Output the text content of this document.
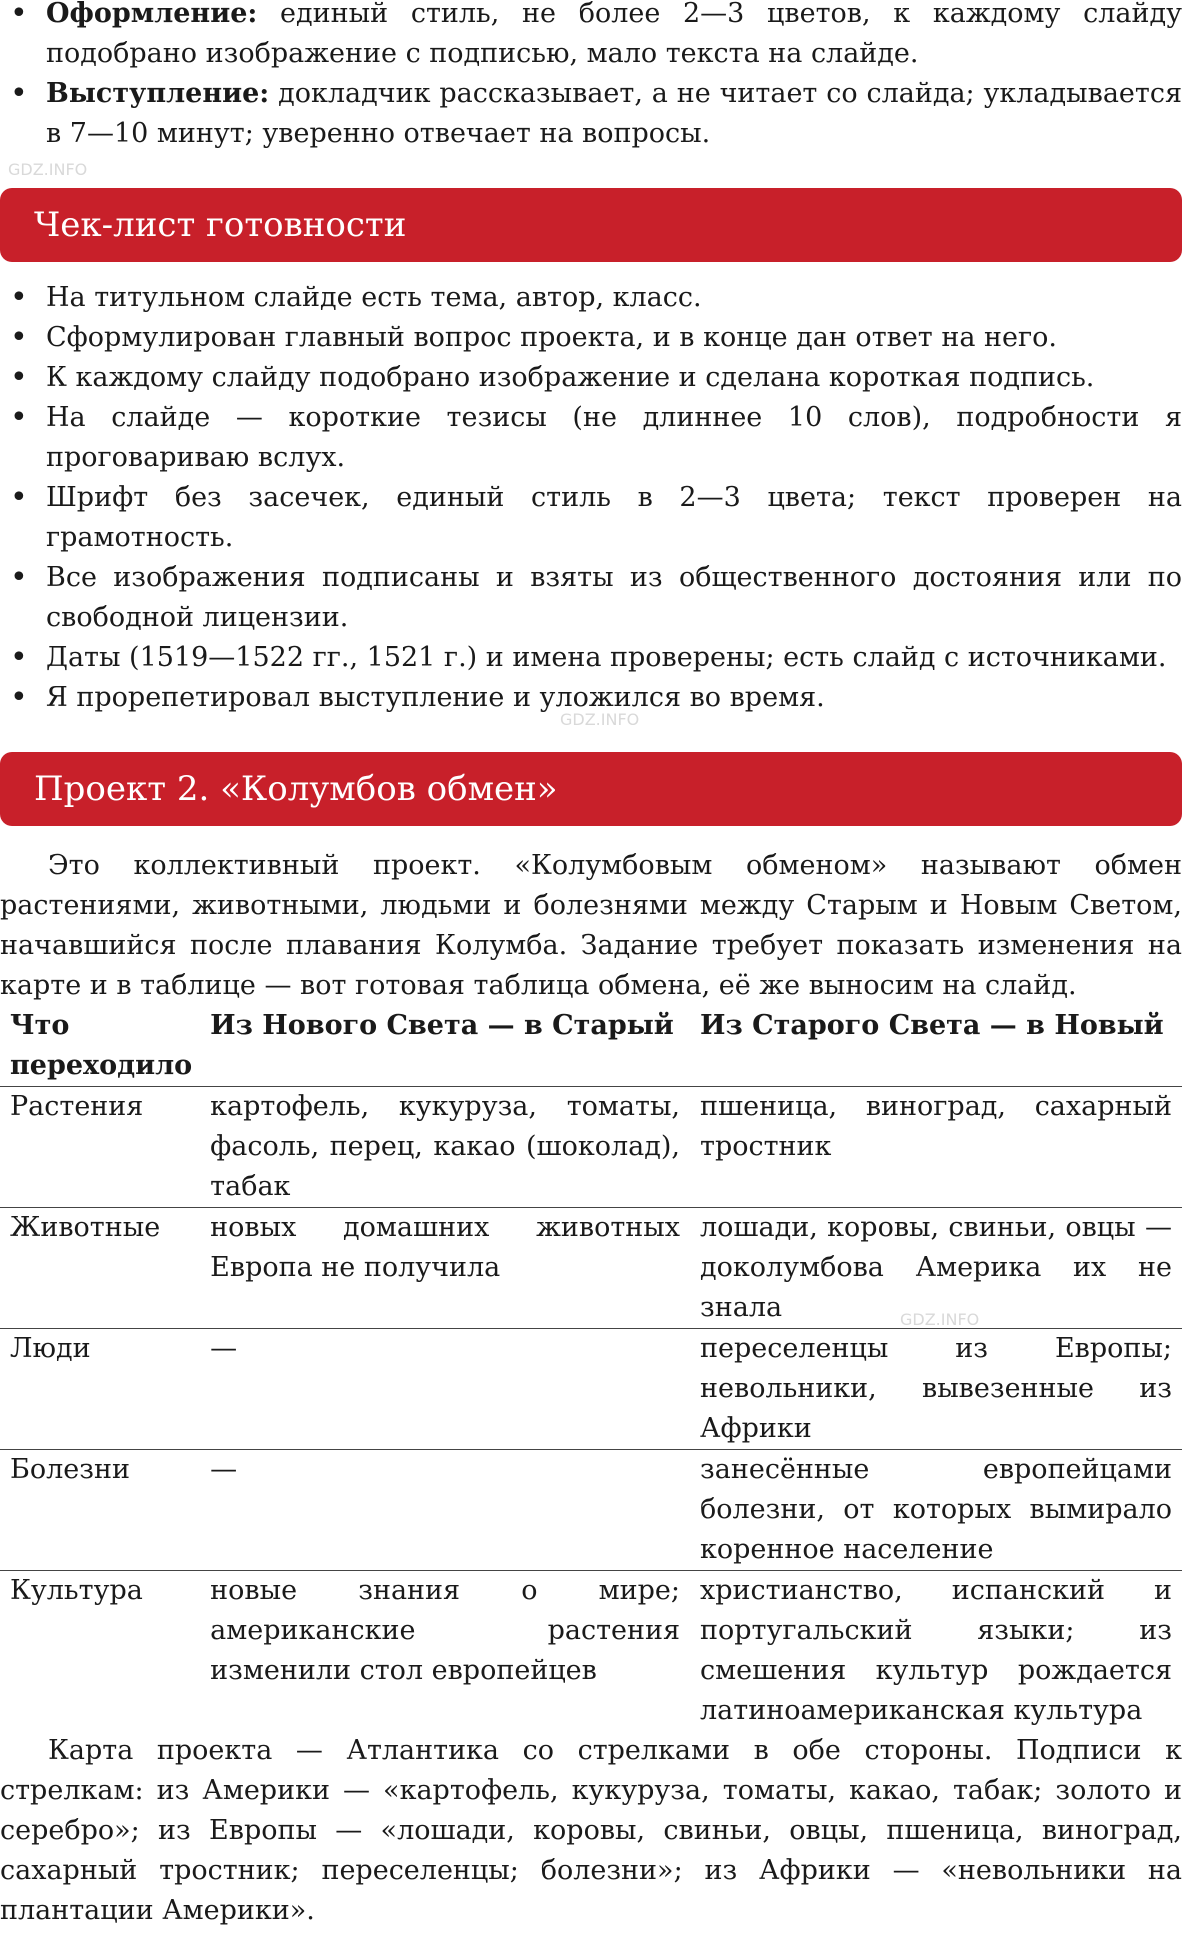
• Оформление: единый стиль, не более 2—3 цветов, к каждому слайду подобрано изображение с подписью, мало текста на слайде.
• Выступление: докладчик рассказывает, а не читает со слайда; укладывается в 7—10 минут; уверенно отвечает на вопросы.
Чек-лист готовности
• На титульном слайде есть тема, автор, класс.
• Сформулирован главный вопрос проекта, и в конце дан ответ на него.
• К каждому слайду подобрано изображение и сделана короткая подпись.
• На слайде — короткие тезисы (не длиннее 10 слов), подробности я проговариваю вслух.
• Шрифт без засечек, единый стиль в 2—3 цвета; текст проверен на грамотность.
• Все изображения подписаны и взяты из общественного достояния или по свободной лицензии.
• Даты (1519—1522 гг., 1521 г.) и имена проверены; есть слайд с источниками.
• Я прорепетировал выступление и уложился во время.
Проект 2. «Колумбов обмен»

Это коллективный проект. «Колумбовым обменом» называют обмен растениями, животными, людьми и болезнями между Старым и Новым Светом, начавшийся после плавания Колумба. Задание требует показать изменения на карте и в таблице — вот готовая таблица обмена, её же выносим на слайд.

Что переходило	Из Нового Света — в Старый	Из Старого Света — в Новый
Растения	картофель, кукуруза, томаты, фасоль, перец, какао (шоколад), табак	пшеница, виноград, сахарный тростник
Животные	новых домашних животных Европа не получила	лошади, коровы, свиньи, овцы — доколумбова Америка их не знала
Люди	—	переселенцы из Европы; невольники, вывезенные из Африки
Болезни	—	занесённые европейцами болезни, от которых вымирало коренное население
Культура	новые знания о мире; американские растения изменили стол европейцев	христианство, испанский и португальский языки; из смешения культур рождается латиноамериканская культура

Карта проекта — Атлантика со стрелками в обе стороны. Подписи к стрелкам: из Америки — «картофель, кукуруза, томаты, какао, табак; золото и серебро»; из Европы — «лошади, коровы, свиньи, овцы, пшеница, виноград, сахарный тростник; переселенцы; болезни»; из Африки — «невольники на плантации Америки».

GDZ.INFO
GDZ.INFO
GDZ.INFO
